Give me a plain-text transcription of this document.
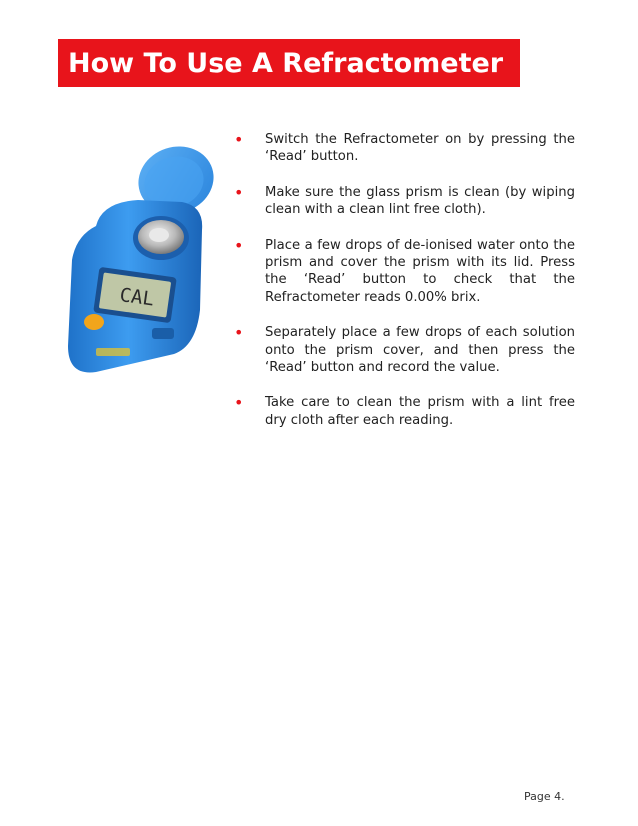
How To Use A Refractometer
CAL
• Switch the Refractometer on by pressing the ‘Read’ button.
• Make sure the glass prism is clean (by wiping clean with a clean lint free cloth).
• Place a few drops of de-ionised water onto the prism and cover the prism with its lid. Press the ‘Read’ button to check that the Refractometer reads 0.00% brix.
• Separately place a few drops of each solution onto the prism cover, and then press the ‘Read’ button and record the value.
• Take care to clean the prism with a lint free dry cloth after each reading.
Page 4.
